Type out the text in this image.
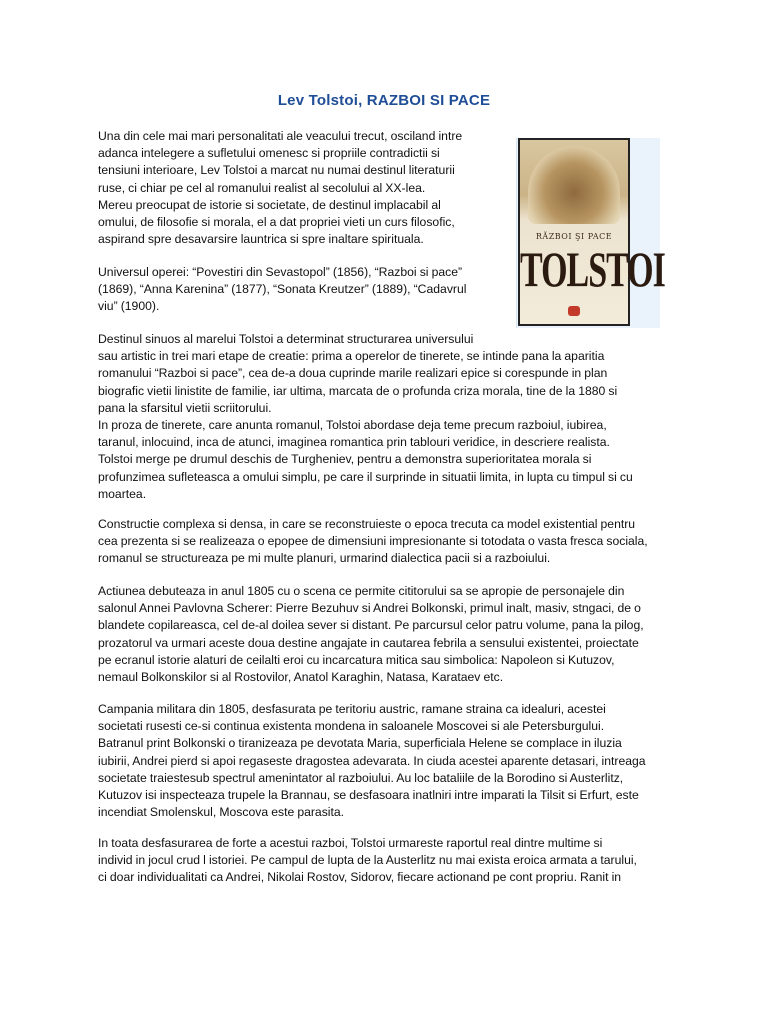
Lev Tolstoi, RAZBOI SI PACE
RĂZBOI ŞI PACE
TOLSTOI

Una din cele mai mari personalitati ale veacului trecut, osciland intre
adanca intelegere a sufletului omenesc si propriile contradictii si
tensiuni interioare, Lev Tolstoi a marcat nu numai destinul literaturii
ruse, ci chiar pe cel al romanului realist al secolului al XX-lea.
Mereu preocupat de istorie si societate, de destinul implacabil al
omului, de filosofie si morala, el a dat propriei vieti un curs filosofic,
aspirand spre desavarsire launtrica si spre inaltare spirituala.

Universul operei: “Povestiri din Sevastopol” (1856), “Razboi si pace”
(1869), “Anna Karenina” (1877), “Sonata Kreutzer” (1889), “Cadavrul
viu” (1900).

Destinul sinuos al marelui Tolstoi a determinat structurarea universului
sau artistic in trei mari etape de creatie: prima a operelor de tinerete, se intinde pana la aparitia
romanului “Razboi si pace”, cea de-a doua cuprinde marile realizari epice si corespunde in plan
biografic vietii linistite de familie, iar ultima, marcata de o profunda criza morala, tine de la 1880 si
pana la sfarsitul vietii scriitorului.
In proza de tinerete, care anunta romanul, Tolstoi abordase deja teme precum razboiul, iubirea,
taranul, inlocuind, inca de atunci, imaginea romantica prin tablouri veridice, in descriere realista.
Tolstoi merge pe drumul deschis de Turgheniev, pentru a demonstra superioritatea morala si
profunzimea sufleteasca a omului simplu, pe care il surprinde in situatii limita, in lupta cu timpul si cu
moartea.

Constructie complexa si densa, in care se reconstruieste o epoca trecuta ca model existential pentru
cea prezenta si se realizeaza o epopee de dimensiuni impresionante si totodata o vasta fresca sociala,
romanul se structureaza pe mi multe planuri, urmarind dialectica pacii si a razboiului.

Actiunea debuteaza in anul 1805 cu o scena ce permite cititorului sa se apropie de personajele din
salonul Annei Pavlovna Scherer: Pierre Bezuhuv si Andrei Bolkonski, primul inalt, masiv, stngaci, de o
blandete copilareasca, cel de-al doilea sever si distant. Pe parcursul celor patru volume, pana la pilog,
prozatorul va urmari aceste doua destine angajate in cautarea febrila a sensului existentei, proiectate
pe ecranul istorie alaturi de ceilalti eroi cu incarcatura mitica sau simbolica: Napoleon si Kutuzov,
nemaul Bolkonskilor si al Rostovilor, Anatol Karaghin, Natasa, Karataev etc.

Campania militara din 1805, desfasurata pe teritoriu austric, ramane straina ca idealuri, acestei
societati rusesti ce-si continua existenta mondena in saloanele Moscovei si ale Petersburgului.
Batranul print Bolkonski o tiranizeaza pe devotata Maria, superficiala Helene se complace in iluzia
iubirii, Andrei pierd si apoi regaseste dragostea adevarata. In ciuda acestei aparente detasari, intreaga
societate traiestesub spectrul amenintator al razboiului. Au loc bataliile de la Borodino si Austerlitz,
Kutuzov isi inspecteaza trupele la Brannau, se desfasoara inatlniri intre imparati la Tilsit si Erfurt, este
incendiat Smolenskul, Moscova este parasita.

In toata desfasurarea de forte a acestui razboi, Tolstoi urmareste raportul real dintre multime si
individ in jocul crud l istoriei. Pe campul de lupta de la Austerlitz nu mai exista eroica armata a tarului,
ci doar individualitati ca Andrei, Nikolai Rostov, Sidorov, fiecare actionand pe cont propriu. Ranit in
